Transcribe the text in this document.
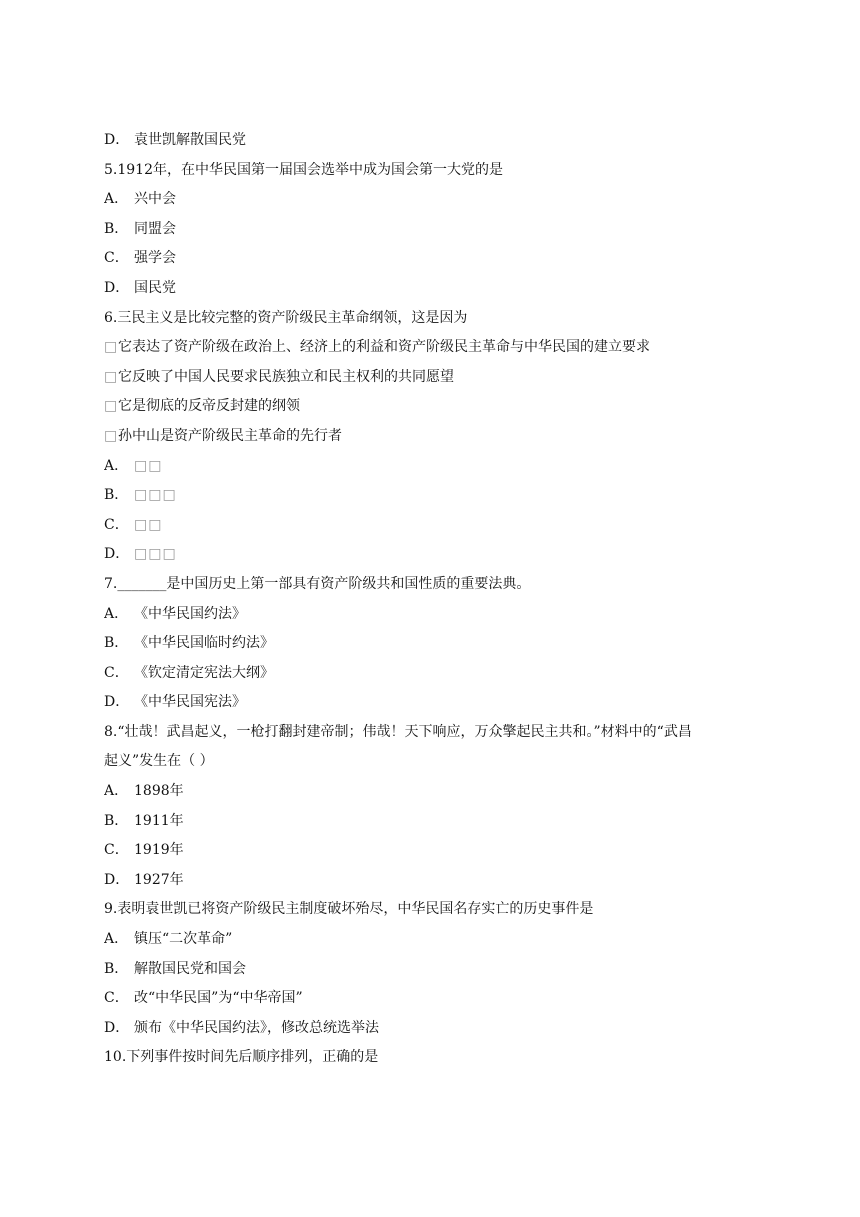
D． 袁世凯解散国民党
5.1912年，在中华民国第一届国会选举中成为国会第一大党的是
A． 兴中会
B． 同盟会
C． 强学会
D． 国民党
6.三民主义是比较完整的资产阶级民主革命纲领，这是因为
□它表达了资产阶级在政治上、经济上的利益和资产阶级民主革命与中华民国的建立要求
□它反映了中国人民要求民族独立和民主权利的共同愿望
□它是彻底的反帝反封建的纲领
□孙中山是资产阶级民主革命的先行者
A． □□
B． □□□
C． □□
D． □□□
7._______是中国历史上第一部具有资产阶级共和国性质的重要法典。
A． 《中华民国约法》
B． 《中华民国临时约法》
C． 《钦定清定宪法大纲》
D． 《中华民国宪法》
8.“壮哉！武昌起义，一枪打翻封建帝制；伟哉！天下响应，万众擎起民主共和。”材料中的“武昌
起义”发生在（ ）
A． 1898年
B． 1911年
C． 1919年
D． 1927年
9.表明袁世凯已将资产阶级民主制度破坏殆尽，中华民国名存实亡的历史事件是
A． 镇压“二次革命”
B． 解散国民党和国会
C． 改“中华民国”为“中华帝国”
D． 颁布《中华民国约法》，修改总统选举法
10.下列事件按时间先后顺序排列，正确的是
